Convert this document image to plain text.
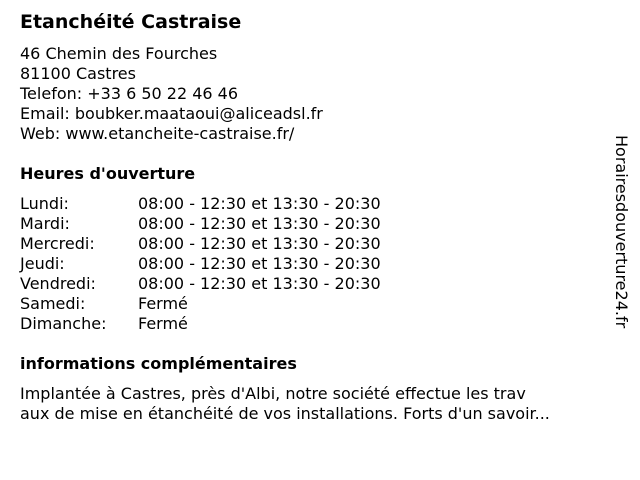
Etanchéité Castraise
46 Chemin des Fourches
81100 Castres
Telefon: +33 6 50 22 46 46
Email: boubker.maataoui@aliceadsl.fr
Web: www.etancheite-castraise.fr/
Heures d'ouverture
Lundi:	08:00 - 12:30 et 13:30 - 20:30
Mardi:	08:00 - 12:30 et 13:30 - 20:30
Mercredi:	08:00 - 12:30 et 13:30 - 20:30
Jeudi:	08:00 - 12:30 et 13:30 - 20:30
Vendredi:	08:00 - 12:30 et 13:30 - 20:30
Samedi:	Fermé
Dimanche: Fermé
informations complémentaires
Implantée à Castres, près d'Albi, notre société effectue les trav
aux de mise en étanchéité de vos installations. Forts d'un savoir...
Horairesdouverture24.fr
